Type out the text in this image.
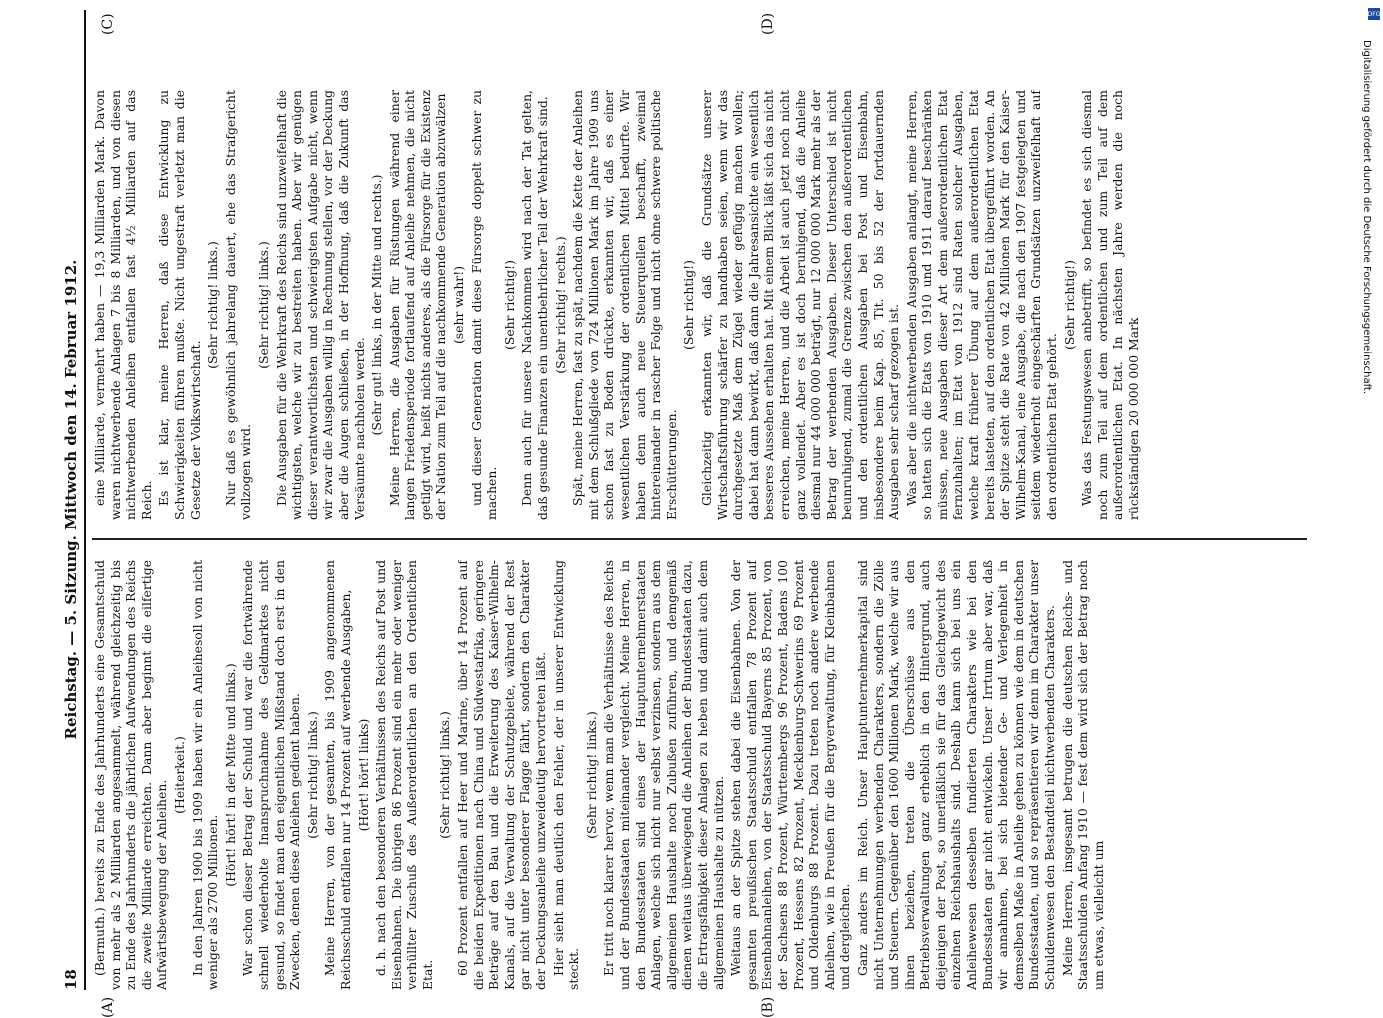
18
Reichstag. — 5. Sitzung. Mittwoch den 14. Februar 1912.

(Bermuth.) bereits zu Ende des Jahrhunderts eine Gesamtschuld von mehr als 2 Milliarden angesammelt, während gleichzeitig bis zu Ende des Jahrhunderts die jährlichen Aufwendungen des Reichs die zweite Milliarde erreichten. Dann aber beginnt die eilfertige Aufwärtsbewegung der Anleihen.

(Heiterkeit.) In den Jahren 1900 bis 1909 haben wir ein Anleihesoll von nicht weniger als 2700 Millionen.

(Hört! hört! in der Mitte und links.) War schon dieser Betrag der Schuld und war die fortwährende schnell wiederholte Inanspruchnahme des Geldmarktes nicht gesund, so findet man den eigentlichen Mißstand doch erst in den Zwecken, denen diese Anleihen gedient haben. (Sehr richtig! links.) Meine Herren, von der gesamten, bis 1909 angenommenen Reichsschuld entfallen nur 14 Prozent auf werbende Ausgaben, (Hört! hört! links) d. h. nach den besonderen Verhältnissen des Reichs auf Post und Eisenbahnen. Die übrigen 86 Prozent sind ein mehr oder weniger verhüllter Zuschuß des Außerordentlichen an den Ordentlichen Etat.

(Sehr richtig! links.) 60 Prozent entfallen auf Heer und Marine, über 14 Prozent auf die beiden Expeditionen nach China und Südwestafrika, geringere Beträge auf den Bau und die Erweiterung des Kaiser-Wilhelm-Kanals, auf die Verwaltung der Schutzgebiete, während der Rest gar nicht unter besonderer Flagge fährt, sondern den Charakter der Deckungsanleihe unzweideutig hervortreten läßt. Hier sieht man deutlich den Fehler, der in unserer Entwicklung steckt.

(Sehr richtig! links.) Er tritt noch klarer hervor, wenn man die Verhältnisse des Reichs und der Bundesstaaten miteinander vergleicht. Meine Herren, in den Bundesstaaten sind eines der Hauptunternehmerstaaten Anlagen, welche sich nicht nur selbst verzinsen, sondern aus dem allgemeinen Haushalte noch Zubußen zuführen, und demgemäß dienen weitaus überwiegend die Anleihen der Bundesstaaten dazu, die Ertragsfähigkeit dieser Anlagen zu heben und damit auch dem allgemeinen Haushalte zu nützen. Weitaus an der Spitze stehen dabei die Eisenbahnen. Von der gesamten preußischen Staatsschuld entfallen 78 Prozent auf Eisenbahnanleihen, von der Staatsschuld Bayerns 85 Prozent, von der Sachsens 88 Prozent, Württembergs 96 Prozent, Badens 100 Prozent, Hessens 82 Prozent, Mecklenburg-Schwerins 69 Prozent und Oldenburgs 88 Prozent. Dazu treten noch andere werbende Anleihen, wie in Preußen für die Bergverwaltung, für Kleinbahnen und dergleichen. Ganz anders im Reich. Unser Hauptunternehmerkapital sind nicht Unternehmungen werbenden Charakters, sondern die Zölle und Steuern. Gegenüber den 1600 Millionen Mark, welche wir aus ihnen beziehen, treten die Überschüsse aus den Betriebsverwaltungen ganz erheblich in den Hintergrund, auch diejenigen der Post, so unerläßlich sie für das Gleichgewicht des einzelnen Reichshaushalts sind. Deshalb kann sich bei uns ein Anleihewesen desselben fundierten Charakters wie bei den Bundesstaaten gar nicht entwickeln. Unser Irrtum aber war, daß wir annahmen, bei sich bietender Ge- und Verlegenheit in demselben Maße in Anleihe gehen zu können wie dem in deutschen Bundesstaaten, und so repräsentieren wir denn im Charakter unser Schuldenwesen den Bestandteil nichtwerbenden Charakters. Meine Herren, insgesamt betrugen die deutschen Reichs- und Staatsschulden Anfang 1910 — fest dem wird sich der Betrag noch um etwas, vielleicht um

eine Milliarde, vermehrt haben — 19,3 Milliarden Mark. Davon waren nichtwerbende Anlagen 7 bis 8 Milliarden, und von diesen nichtwerbenden Anleihen entfallen fast 4½ Milliarden auf das Reich. Es ist klar, meine Herren, daß diese Entwicklung zu Schwierigkeiten führen mußte. Nicht ungestraft verletzt man die Gesetze der Volkswirtschaft.

(Sehr richtig! links.) Nur daß es gewöhnlich jahrelang dauert, ehe das Strafgericht vollzogen wird.

(Sehr richtig! links.) Die Ausgaben für die Wehrkraft des Reichs sind unzweifelhaft die wichtigsten, welche wir zu bestreiten haben. Aber wir genügen dieser verantwortlichsten und schwierigsten Aufgabe nicht, wenn wir zwar die Ausgaben willig in Rechnung stellen, vor der Deckung aber die Augen schließen, in der Hoffnung, daß die Zukunft das Versäumte nachholen werde. (Sehr gut! links, in der Mitte und rechts.) Meine Herren, die Ausgaben für Rüstungen während einer langen Friedensperiode fortlaufend auf Anleihe nehmen, die nicht getilgt wird, heißt nichts anderes, als die Fürsorge für die Existenz der Nation zum Teil auf die nachkommende Generation abzuwälzen (sehr wahr!) und dieser Generation damit diese Fürsorge doppelt schwer zu machen.

(Sehr richtig!) Denn auch für unsere Nachkommen wird nach der Tat gelten, daß gesunde Finanzen ein unentbehrlicher Teil der Wehrkraft sind. (Sehr richtig! rechts.) Spät, meine Herren, fast zu spät, nachdem die Kette der Anleihen mit dem Schlußgliede von 724 Millionen Mark im Jahre 1909 uns schon fast zu Boden drückte, erkannten wir, daß es einer wesentlichen Verstärkung der ordentlichen Mittel bedurfte. Wir haben denn auch neue Steuerquellen beschafft, zweimal hintereinander in rascher Folge und nicht ohne schwere politische Erschütterungen.

(Sehr richtig!) Gleichzeitig erkannten wir, daß die Grundsätze unserer Wirtschaftsführung schärfer zu handhaben seien, wenn wir das durchgesetzte Maß dem Zügel wieder gefügig machen wollen; dabei hat dann bewirkt, daß dann die Jahresansichte ein wesentlich besseres Aussehen erhalten hat. Mit einem Blick läßt sich das nicht erreichen, meine Herren, und die Arbeit ist auch jetzt noch nicht ganz vollendet. Aber es ist doch beruhigend, daß die Anleihe diesmal nur 44 000 000 beträgt, nur 12 000 000 Mark mehr als der Betrag der werbenden Ausgaben. Dieser Unterschied ist nicht beunruhigend, zumal die Grenze zwischen den außerordentlichen und den ordentlichen Ausgaben bei Post und Eisenbahn, insbesondere beim Kap. 85, Tit. 50 bis 52 der fortdauernden Ausgaben sehr scharf gezogen ist. Was aber die nichtwerbenden Ausgaben anlangt, meine Herren, so hatten sich die Etats von 1910 und 1911 darauf beschränken müssen, neue Ausgaben dieser Art dem außerordentlichen Etat fernzuhalten; im Etat von 1912 sind Raten solcher Ausgaben, welche kraft früherer Übung auf dem außerordentlichen Etat bereits lasteten, auf den ordentlichen Etat übergeführt worden. An der Spitze steht die Rate von 42 Millionen Mark für den Kaiser-Wilhelm-Kanal, eine Ausgabe, die nach den 1907 festgelegten und seitdem wiederholt eingeschärften Grundsätzen unzweifelhaft auf den ordentlichen Etat gehört.

(Sehr richtig!) Was das Festungswesen anbetrifft, so befindet es sich diesmal noch zum Teil auf dem ordentlichen und zum Teil auf dem außerordentlichen Etat. In nächsten Jahre werden die noch rückständigen 20 000 000 Mark

(A)	(B)
(C)	(D)	DFG
Digitalisierung gefördert durch die Deutsche Forschungsgemeinschaft.
